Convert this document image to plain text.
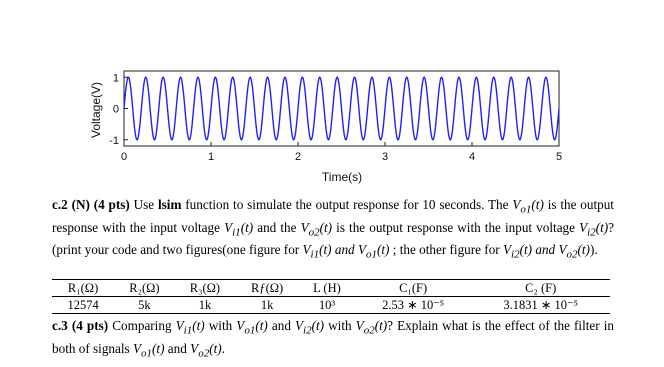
0	1	2	3	4	5
-1
0
1
Time(s)
Voltage(V)
c.2 (N) (4 pts) Use lsim function to simulate the output response for 10 seconds. The $V_{o1}(t)$ is the output response with the input voltage $V_{i1}(t)$ and the $V_{o2}(t)$ is the output response with the input voltage $V_{i2}(t)$? (print your code and two figures(one figure for $V_{i1}(t)$ and $V_{o1}(t)$ ; the other figure for $V_{i2}(t)$ and $V_{o2}(t)$).
R₁(Ω)	R₂(Ω)	R₃(Ω)	Rƒ(Ω)	L (H)	C₁(F)	C₂ (F)
12574	5k	1k	1k	10³	2.53 ∗ 10⁻⁵	3.1831 ∗ 10⁻⁵
c.3 (4 pts) Comparing $V_{i1}(t)$ with $V_{o1}(t)$ and $V_{i2}(t)$ with $V_{o2}(t)$? Explain what is the effect of the filter in both of signals $V_{o1}(t)$ and $V_{o2}(t)$.
